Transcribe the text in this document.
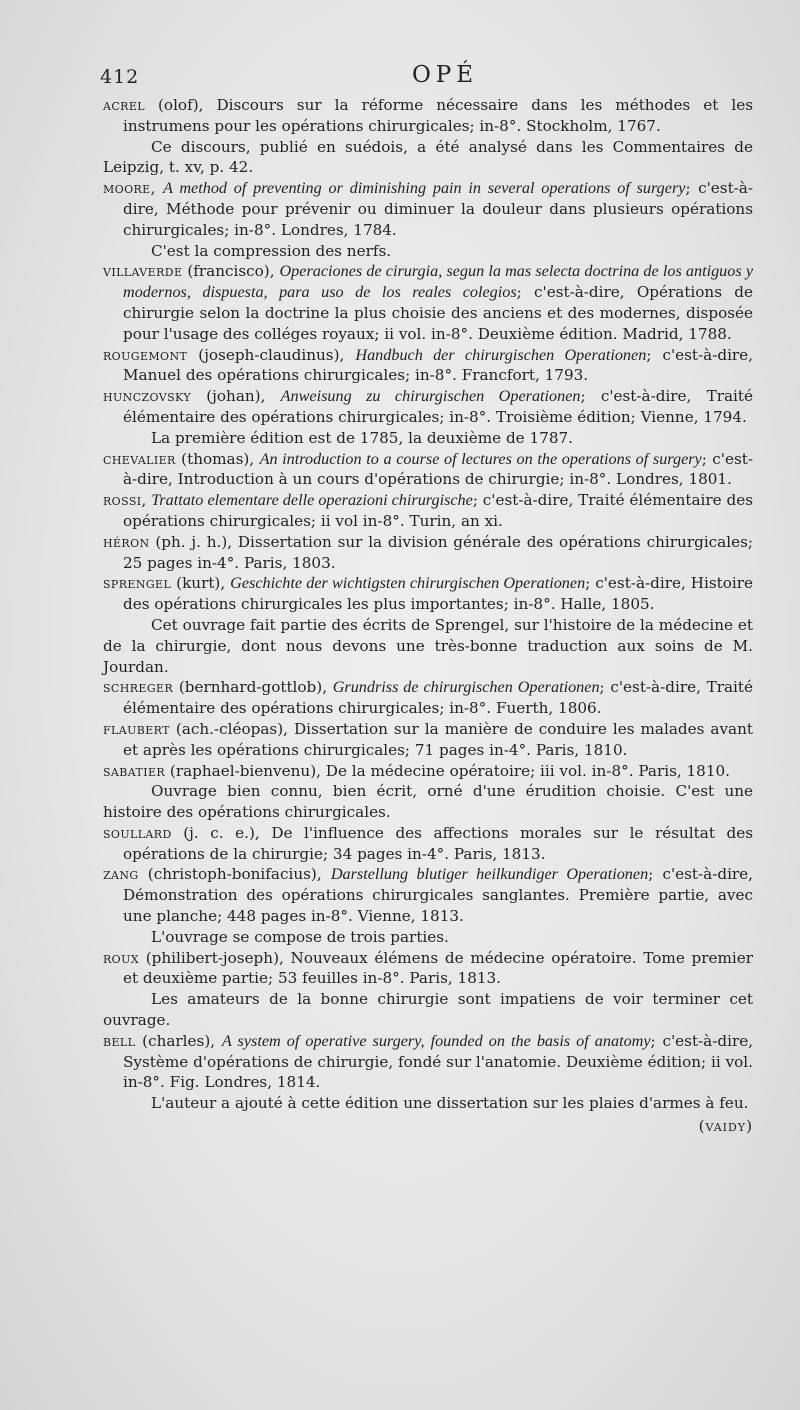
412	OPÉ
acrel (olof), Discours sur la réforme nécessaire dans les méthodes et les instrumens pour les opérations chirurgicales; in-8°. Stockholm, 1767.
Ce discours, publié en suédois, a été analysé dans les Commentaires de Leipzig, t. xv, p. 42.
moore, A method of preventing or diminishing pain in several operations of surgery; c'est-à-dire, Méthode pour prévenir ou diminuer la douleur dans plusieurs opérations chirurgicales; in-8°. Londres, 1784.
C'est la compression des nerfs.
villaverde (francisco), Operaciones de cirurgia, segun la mas selecta doctrina de los antiguos y modernos, dispuesta, para uso de los reales colegios; c'est-à-dire, Opérations de chirurgie selon la doctrine la plus choisie des anciens et des modernes, disposée pour l'usage des colléges royaux; ii vol. in-8°. Deuxième édition. Madrid, 1788.
rougemont (joseph-claudinus), Handbuch der chirurgischen Operationen; c'est-à-dire, Manuel des opérations chirurgicales; in-8°. Francfort, 1793.
hunczovsky (johan), Anweisung zu chirurgischen Operationen; c'est-à-dire, Traité élémentaire des opérations chirurgicales; in-8°. Troisième édition; Vienne, 1794.
La première édition est de 1785, la deuxième de 1787.
chevalier (thomas), An introduction to a course of lectures on the operations of surgery; c'est-à-dire, Introduction à un cours d'opérations de chirurgie; in-8°. Londres, 1801.
rossi, Trattato elementare delle operazioni chirurgische; c'est-à-dire, Traité élémentaire des opérations chirurgicales; ii vol in-8°. Turin, an xi.
héron (ph. j. h.), Dissertation sur la division générale des opérations chirurgicales; 25 pages in-4°. Paris, 1803.
sprengel (kurt), Geschichte der wichtigsten chirurgischen Operationen; c'est-à-dire, Histoire des opérations chirurgicales les plus importantes; in-8°. Halle, 1805.
Cet ouvrage fait partie des écrits de Sprengel, sur l'histoire de la médecine et de la chirurgie, dont nous devons une très-bonne traduction aux soins de M. Jourdan.
schreger (bernhard-gottlob), Grundriss de chirurgischen Operationen; c'est-à-dire, Traité élémentaire des opérations chirurgicales; in-8°. Fuerth, 1806.
flaubert (ach.-cléopas), Dissertation sur la manière de conduire les malades avant et après les opérations chirurgicales; 71 pages in-4°. Paris, 1810.
sabatier (raphael-bienvenu), De la médecine opératoire; iii vol. in-8°. Paris, 1810.
Ouvrage bien connu, bien écrit, orné d'une érudition choisie. C'est une histoire des opérations chirurgicales.
soullard (j. c. e.), De l'influence des affections morales sur le résultat des opérations de la chirurgie; 34 pages in-4°. Paris, 1813.
zang (christoph-bonifacius), Darstellung blutiger heilkundiger Operationen; c'est-à-dire, Démonstration des opérations chirurgicales sanglantes. Première partie, avec une planche; 448 pages in-8°. Vienne, 1813.
L'ouvrage se compose de trois parties.
roux (philibert-joseph), Nouveaux élémens de médecine opératoire. Tome premier et deuxième partie; 53 feuilles in-8°. Paris, 1813.
Les amateurs de la bonne chirurgie sont impatiens de voir terminer cet ouvrage.
bell (charles), A system of operative surgery, founded on the basis of anatomy; c'est-à-dire, Système d'opérations de chirurgie, fondé sur l'anatomie. Deuxième édition; ii vol. in-8°. Fig. Londres, 1814.
L'auteur a ajouté à cette édition une dissertation sur les plaies d'armes à feu.
(vaidy)
